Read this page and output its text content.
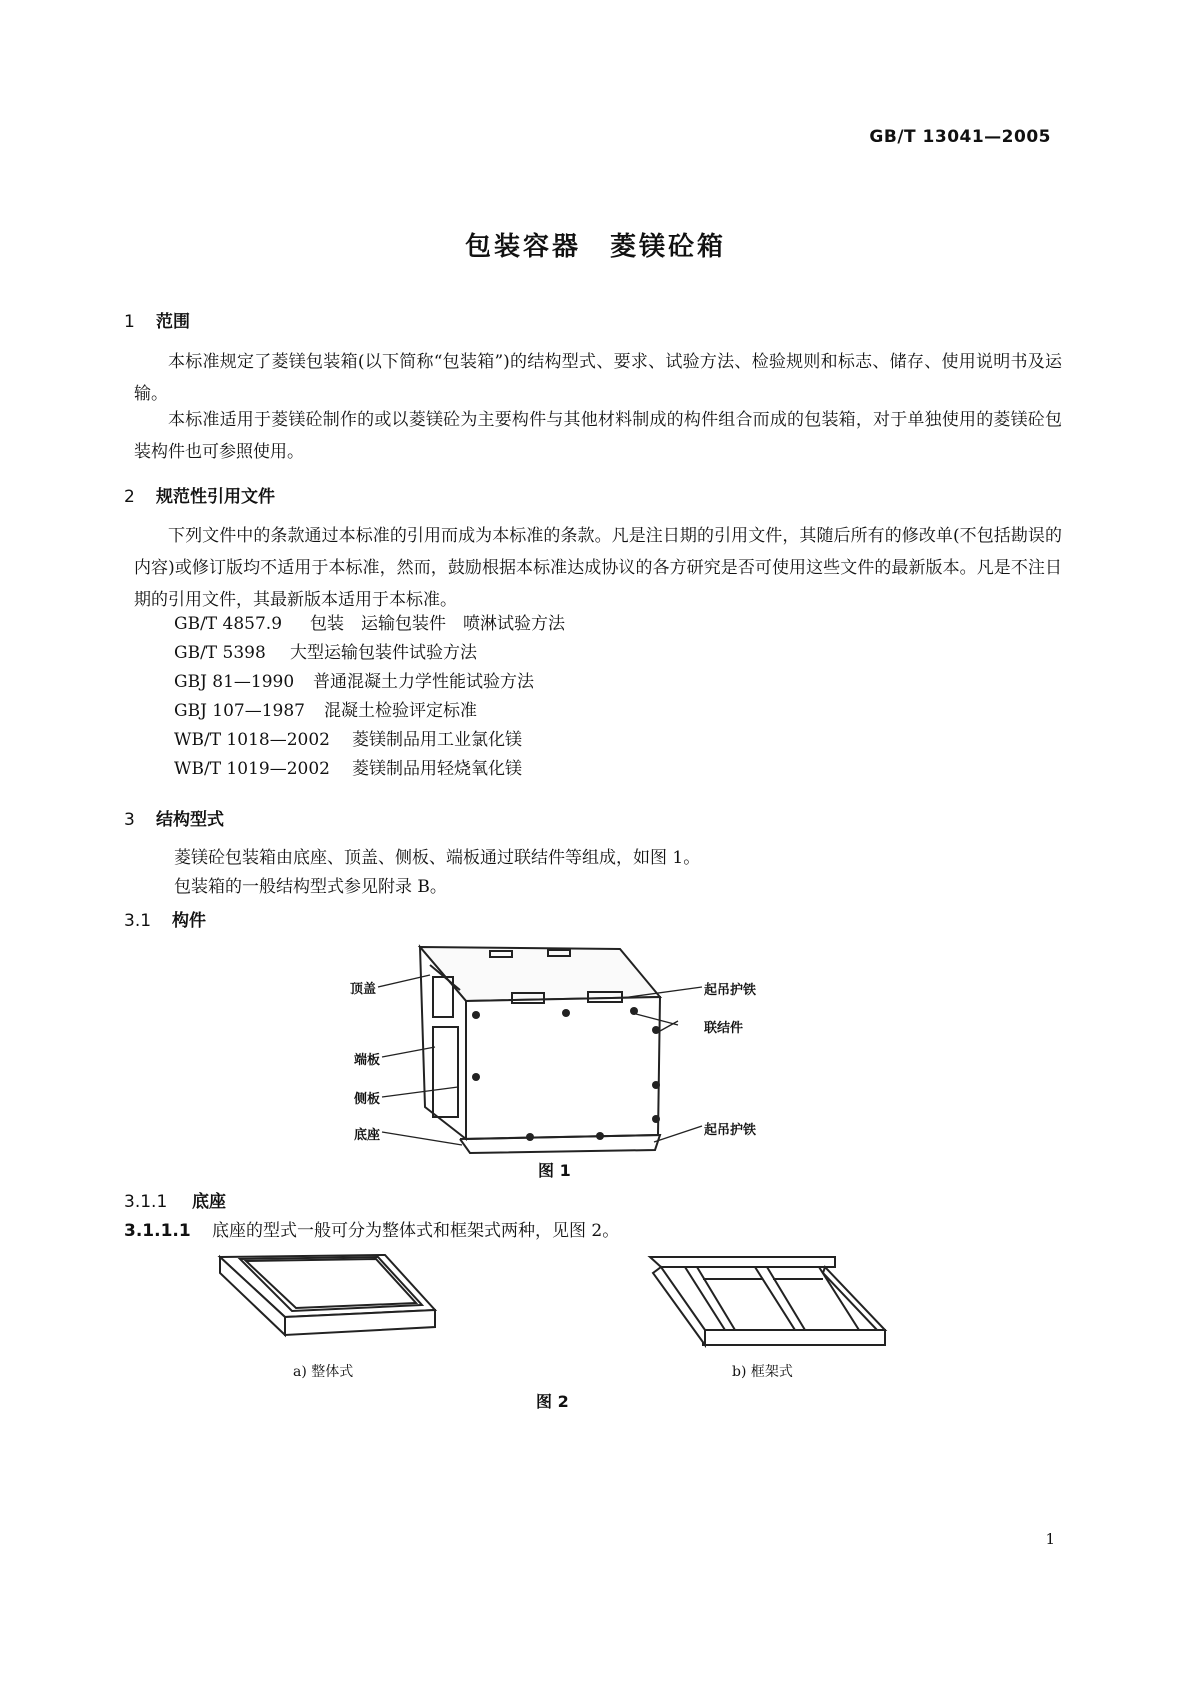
GB/T 13041—2005
包装容器　菱镁砼箱
1 范围
本标准规定了菱镁包装箱(以下简称“包装箱”)的结构型式、要求、试验方法、检验规则和标志、储存、使用说明书及运输。
本标准适用于菱镁砼制作的或以菱镁砼为主要构件与其他材料制成的构件组合而成的包装箱，对于单独使用的菱镁砼包装构件也可参照使用。
2 规范性引用文件
下列文件中的条款通过本标准的引用而成为本标准的条款。凡是注日期的引用文件，其随后所有的修改单(不包括勘误的内容)或修订版均不适用于本标准，然而，鼓励根据本标准达成协议的各方研究是否可使用这些文件的最新版本。凡是不注日期的引用文件，其最新版本适用于本标准。
GB/T 4857.9 包装　运输包装件　喷淋试验方法
GB/T 5398 大型运输包装件试验方法
GBJ 81—1990 普通混凝土力学性能试验方法
GBJ 107—1987 混凝土检验评定标准
WB/T 1018—2002 菱镁制品用工业氯化镁
WB/T 1019—2002 菱镁制品用轻烧氧化镁
3 结构型式
菱镁砼包装箱由底座、顶盖、侧板、端板通过联结件等组成，如图 1。
包装箱的一般结构型式参见附录 B。
3.1 构件
顶盖
端板
侧板
底座
起吊护铁
联结件
起吊护铁
图 1
3.1.1 底座
3.1.1.1 底座的型式一般可分为整体式和框架式两种，见图 2。
a) 整体式	b) 框架式
图 2
1
